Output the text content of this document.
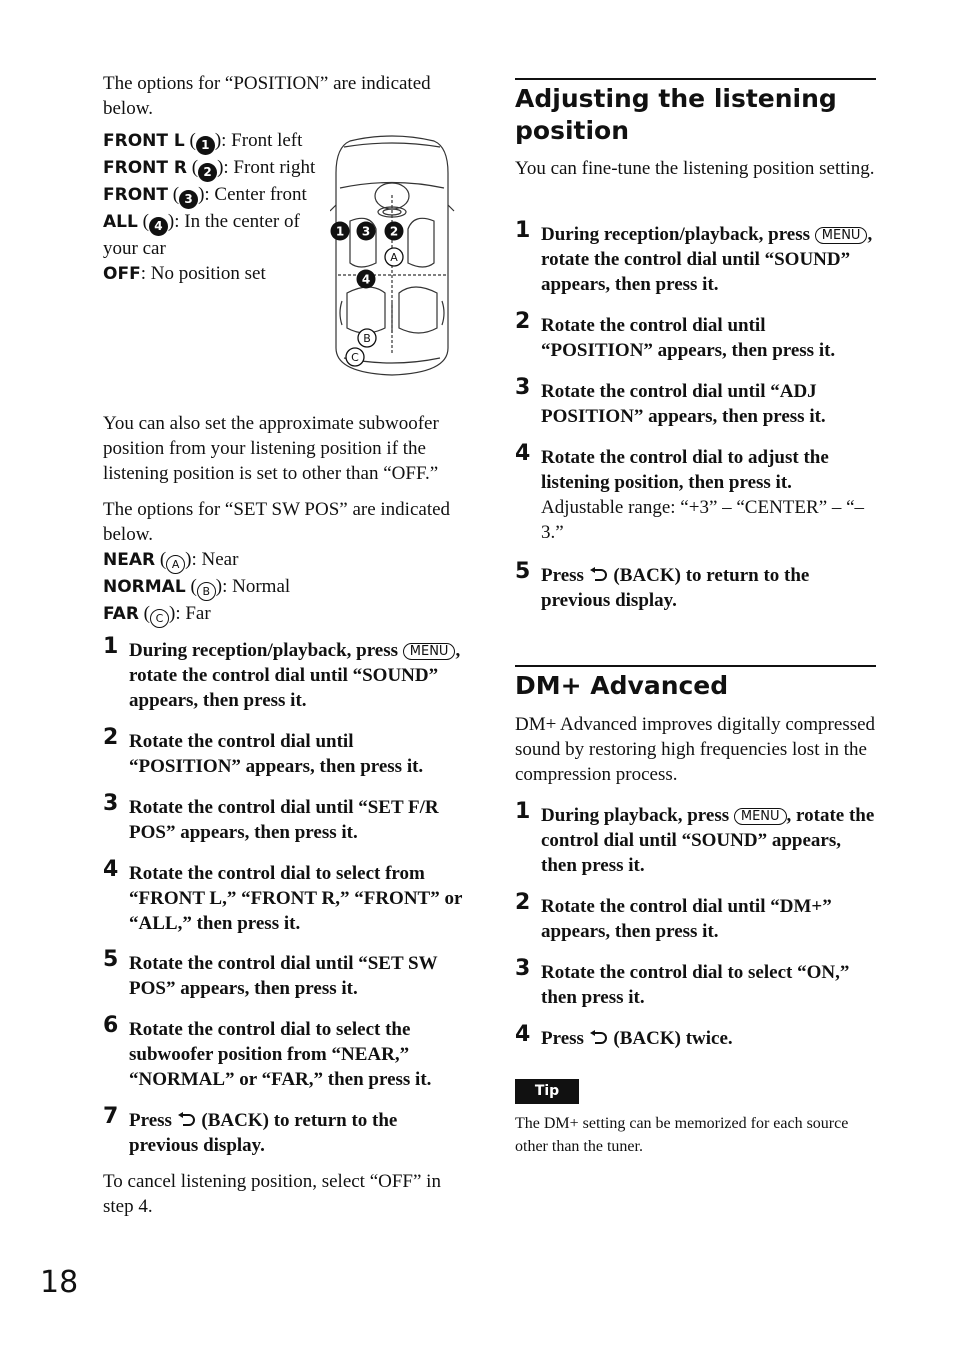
The options for “POSITION” are indicated below.

FRONT L ( 1 ): Front left

FRONT R ( 2 ): Front right

FRONT ( 3 ): Center front

ALL ( 4 ): In the center of your car

OFF: No position set

1 3 2
4
A
B
C

You can also set the approximate subwoofer position from your listening position if the listening position is set to other than “OFF.”

The options for “SET SW POS” are indicated below.

NEAR ( A ): Near

NORMAL ( B ): Normal

FAR ( C ): Far

1 During reception/playback, press MENU , rotate the control dial until “SOUND” appears, then press it.
2 Rotate the control dial until “POSITION” appears, then press it.
3 Rotate the control dial until “SET F/R POS” appears, then press it.
4 Rotate the control dial to select from “FRONT L,” “FRONT R,” “FRONT” or “ALL,” then press it.
5 Rotate the control dial until “SET SW POS” appears, then press it.
6 Rotate the control dial to select the subwoofer position from “NEAR,” “NORMAL” or “FAR,” then press it.
7 Press (BACK) to return to the previous display.

To cancel listening position, select “OFF” in step 4.

Adjusting the listening position

You can fine-tune the listening position setting.

1 During reception/playback, press MENU , rotate the control dial until “SOUND” appears, then press it.
2 Rotate the control dial until “POSITION” appears, then press it.
3 Rotate the control dial until “ADJ POSITION” appears, then press it.
4 Rotate the control dial to adjust the listening position, then press it.
Adjustable range: “+3” – “CENTER” – “–3.”
5 Press (BACK) to return to the previous display.
DM+ Advanced

DM+ Advanced improves digitally compressed sound by restoring high frequencies lost in the compression process.

1 During playback, press MENU , rotate the control dial until “SOUND” appears, then press it.
2 Rotate the control dial until “DM+” appears, then press it.
3 Rotate the control dial to select “ON,” then press it.
4 Press (BACK) twice.
Tip

The DM+ setting can be memorized for each source other than the tuner.

18
